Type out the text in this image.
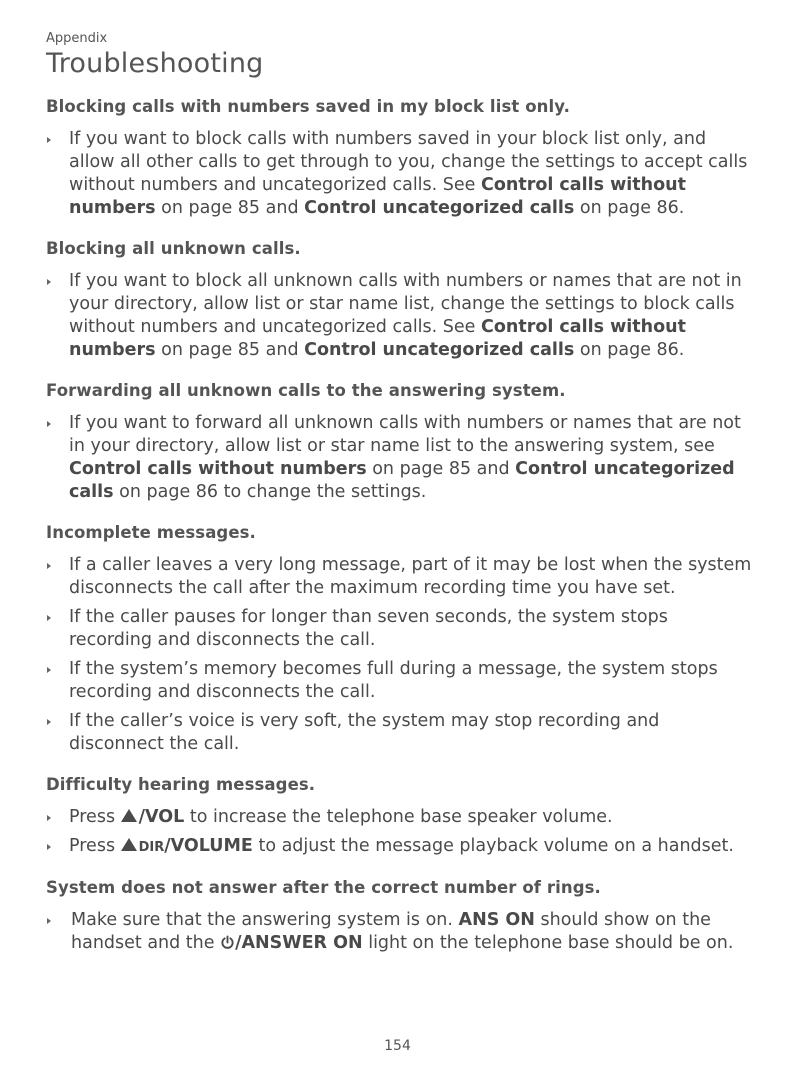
Appendix

Troubleshooting
Blocking calls with numbers saved in my block list only.
If you want to block calls with numbers saved in your block list only, and allow all other calls to get through to you, change the settings to accept calls without numbers and uncategorized calls. See Control calls without numbers on page 85 and Control uncategorized calls on page 86.
Blocking all unknown calls.
If you want to block all unknown calls with numbers or names that are not in your directory, allow list or star name list, change the settings to block calls without numbers and uncategorized calls. See Control calls without numbers on page 85 and Control uncategorized calls on page 86.
Forwarding all unknown calls to the answering system.
If you want to forward all unknown calls with numbers or names that are not in your directory, allow list or star name list to the answering system, see Control calls without numbers on page 85 and Control uncategorized calls on page 86 to change the settings.
Incomplete messages.
If a caller leaves a very long message, part of it may be lost when the system disconnects the call after the maximum recording time you have set.
If the caller pauses for longer than seven seconds, the system stops recording and disconnects the call.
If the system’s memory becomes full during a message, the system stops recording and disconnects the call.
If the caller’s voice is very soft, the system may stop recording and disconnect the call.
Difficulty hearing messages.
Press /VOL to increase the telephone base speaker volume.
Press DIR/VOLUME to adjust the message playback volume on a handset.
System does not answer after the correct number of rings.
Make sure that the answering system is on. ANS ON should show on the handset and the /ANSWER ON light on the telephone base should be on.
154
